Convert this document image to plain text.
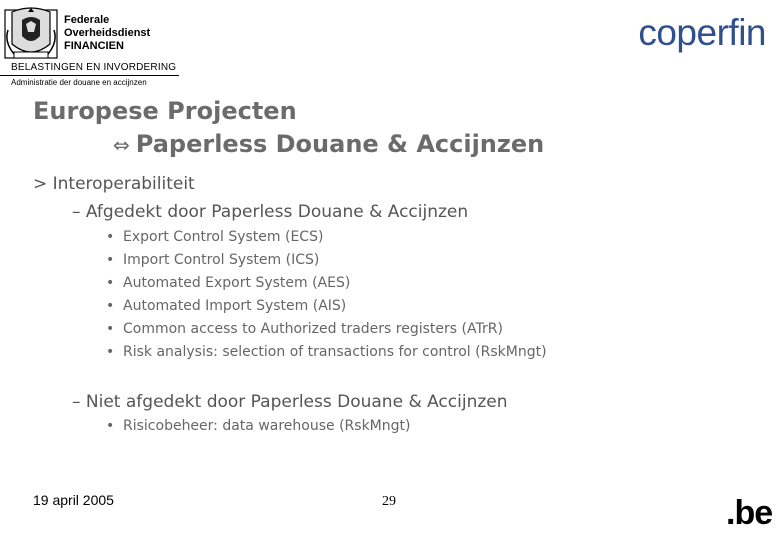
Federale
Overheidsdienst
FINANCIEN
BELASTINGEN EN INVORDERING
Administratie der douane en accijnzen
coperfin
Europese Projecten
⇔ Paperless Douane & Accijnzen
> Interoperabiliteit
– Afgedekt door Paperless Douane & Accijnzen
• Export Control System (ECS)
• Import Control System (ICS)
• Automated Export System (AES)
• Automated Import System (AIS)
• Common access to Authorized traders registers (ATrR)
• Risk analysis: selection of transactions for control (RskMngt)
– Niet afgedekt door Paperless Douane & Accijnzen
• Risicobeheer: data warehouse (RskMngt)
19 april 2005	29	.be
